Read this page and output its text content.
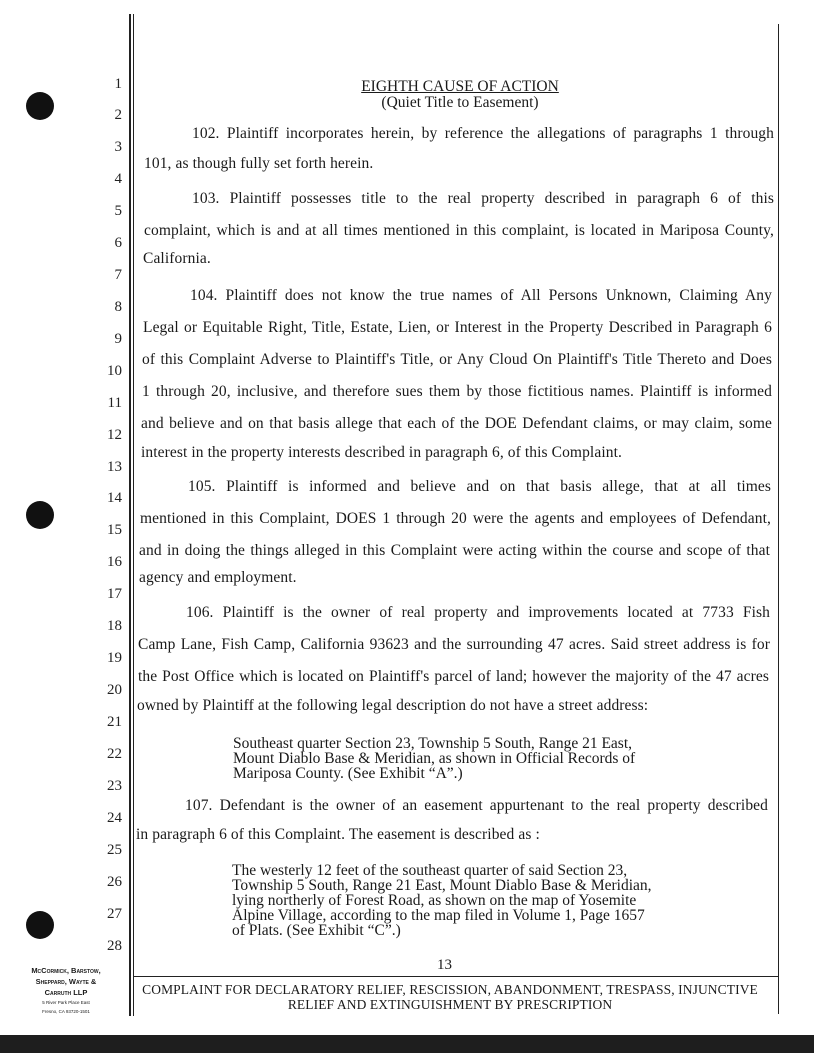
1
2
3
4
5
6
7
8
9
10
11
12
13
14
15
16
17
18
19
20
21
22
23
24
25
26
27
28
EIGHTH CAUSE OF ACTION
(Quiet Title to Easement)
102. Plaintiff incorporates herein, by reference the allegations of paragraphs 1 through
101, as though fully set forth herein.
103. Plaintiff possesses title to the real property described in paragraph 6 of this
complaint, which is and at all times mentioned in this complaint, is located in Mariposa County,
California.
104. Plaintiff does not know the true names of All Persons Unknown, Claiming Any
Legal or Equitable Right, Title, Estate, Lien, or Interest in the Property Described in Paragraph 6
of this Complaint Adverse to Plaintiff's Title, or Any Cloud On Plaintiff's Title Thereto and Does
1 through 20, inclusive, and therefore sues them by those fictitious names. Plaintiff is informed
and believe and on that basis allege that each of the DOE Defendant claims, or may claim, some
interest in the property interests described in paragraph 6, of this Complaint.
105. Plaintiff is informed and believe and on that basis allege, that at all times
mentioned in this Complaint, DOES 1 through 20 were the agents and employees of Defendant,
and in doing the things alleged in this Complaint were acting within the course and scope of that
agency and employment.
106. Plaintiff is the owner of real property and improvements located at 7733 Fish
Camp Lane, Fish Camp, California 93623 and the surrounding 47 acres. Said street address is for
the Post Office which is located on Plaintiff's parcel of land; however the majority of the 47 acres
owned by Plaintiff at the following legal description do not have a street address:
Southeast quarter Section 23, Township 5 South, Range 21 East,
Mount Diablo Base & Meridian, as shown in Official Records of
Mariposa County. (See Exhibit “A”.)
107. Defendant is the owner of an easement appurtenant to the real property described
in paragraph 6 of this Complaint. The easement is described as :
The westerly 12 feet of the southeast quarter of said Section 23,
Township 5 South, Range 21 East, Mount Diablo Base & Meridian,
lying northerly of Forest Road, as shown on the map of Yosemite
Alpine Village, according to the map filed in Volume 1, Page 1657
of Plats. (See Exhibit “C”.)
13
COMPLAINT FOR DECLARATORY RELIEF, RESCISSION, ABANDONMENT, TRESPASS, INJUNCTIVE
RELIEF AND EXTINGUISHMENT BY PRESCRIPTION
McCormick, Barstow,
Sheppard, Wayte &
Carruth LLP
5 River Park Place East
Fresno, CA 93720-1501
